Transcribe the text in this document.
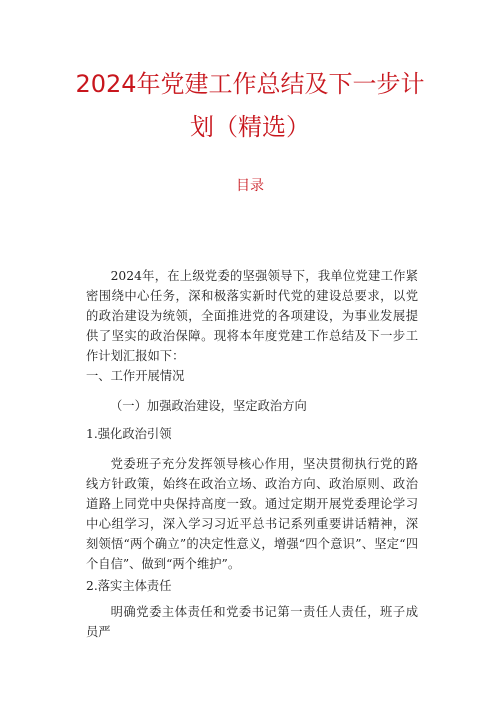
2024年党建工作总结及下一步计划（精选）
目录

2024年，在上级党委的坚强领导下，我单位党建工作紧密围绕中心任务，深和极落实新时代党的建设总要求，以党的政治建设为统领，全面推进党的各项建设，为事业发展提供了坚实的政治保障。现将本年度党建工作总结及下一步工作计划汇报如下：

一、工作开展情况
（一）加强政治建设，坚定政治方向
1.强化政治引领

党委班子充分发挥领导核心作用，坚决贯彻执行党的路线方针政策，始终在政治立场、政治方向、政治原则、政治道路上同党中央保持高度一致。通过定期开展党委理论学习中心组学习，深入学习习近平总书记系列重要讲话精神，深刻领悟“两个确立”的决定性意义，增强“四个意识”、坚定“四个自信”、做到“两个维护”。

2.落实主体责任

明确党委主体责任和党委书记第一责任人责任，班子成员严
